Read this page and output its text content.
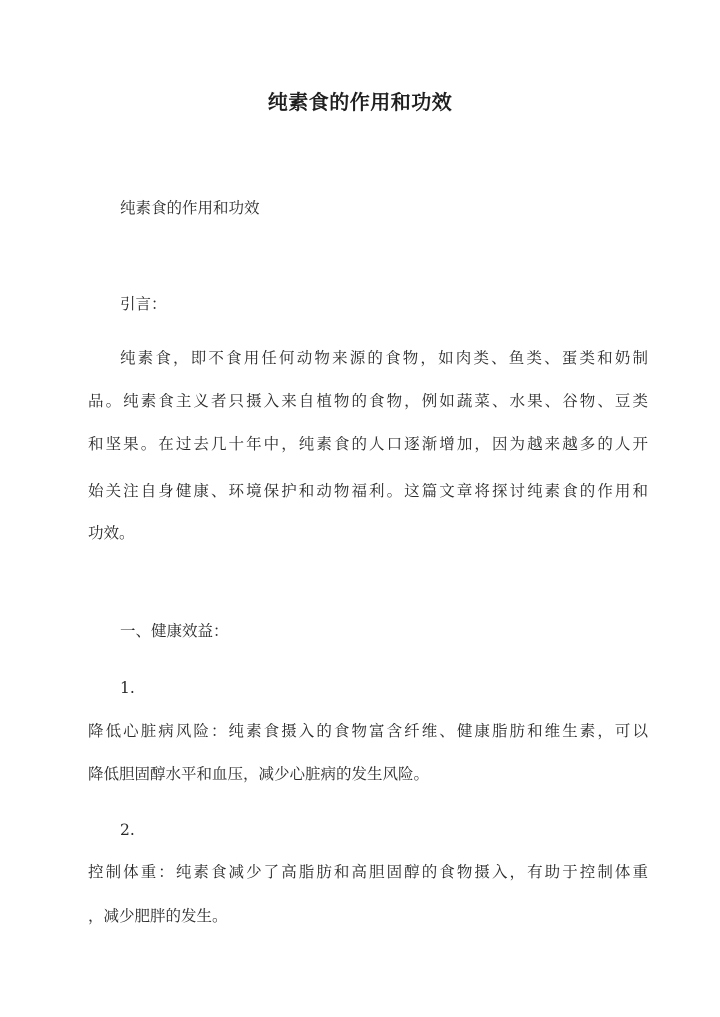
纯素食的作用和功效
纯素食的作用和功效
引言：
纯素食，即不食用任何动物来源的食物，如肉类、鱼类、蛋类和奶制
品。纯素食主义者只摄入来自植物的食物，例如蔬菜、水果、谷物、豆类
和坚果。在过去几十年中，纯素食的人口逐渐增加，因为越来越多的人开
始关注自身健康、环境保护和动物福利。这篇文章将探讨纯素食的作用和
功效。
一、健康效益：
1.
降低心脏病风险：纯素食摄入的食物富含纤维、健康脂肪和维生素，可以
降低胆固醇水平和血压，减少心脏病的发生风险。
2.
控制体重：纯素食减少了高脂肪和高胆固醇的食物摄入，有助于控制体重
，减少肥胖的发生。
